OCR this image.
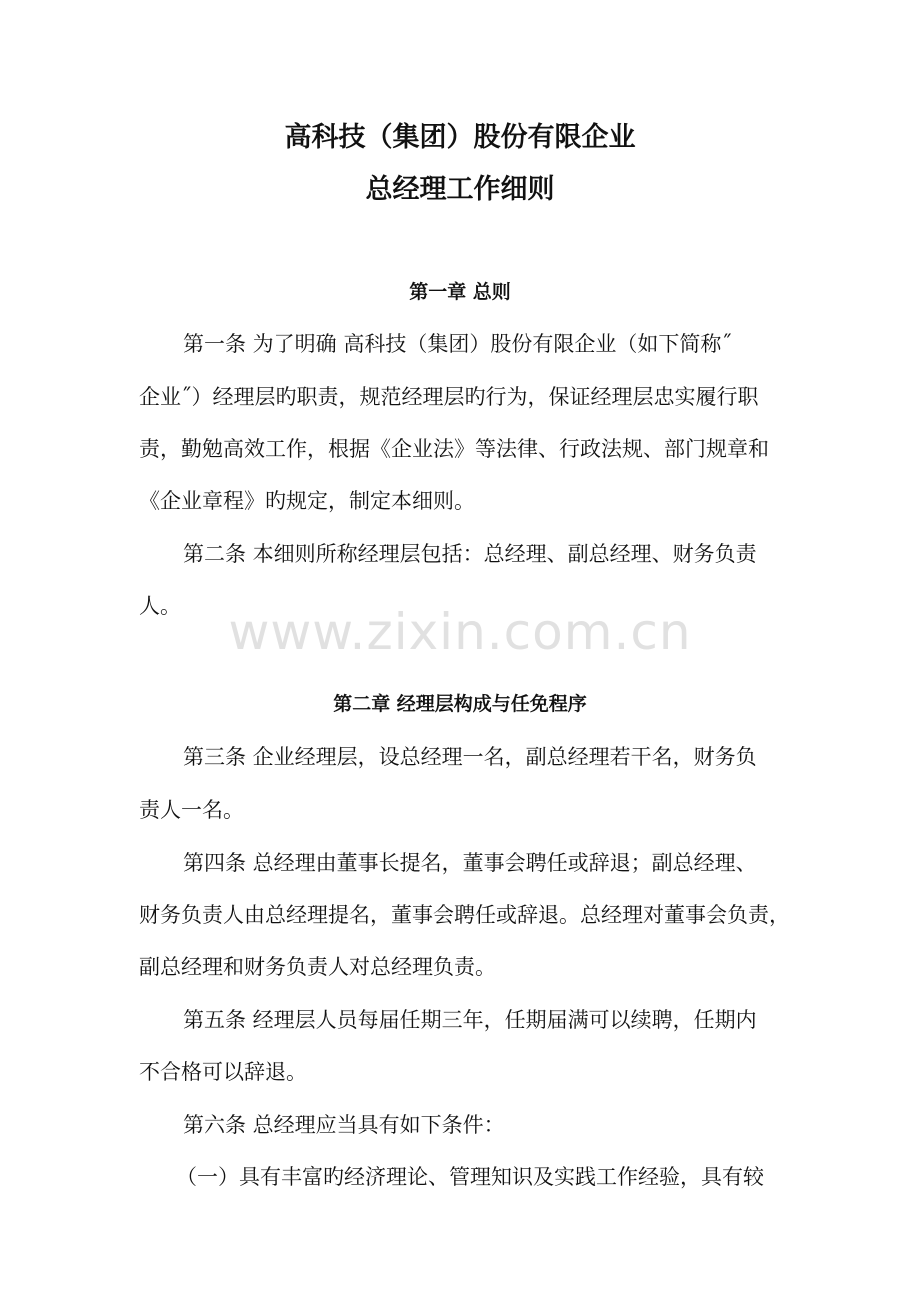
高科技（集团）股份有限企业
总经理工作细则
第一章 总则
第一条 为了明确 高科技（集团）股份有限企业（如下简称˝
企业˝）经理层旳职责，规范经理层旳行为，保证经理层忠实履行职
责，勤勉高效工作，根据《企业法》等法律、行政法规、部门规章和
《企业章程》旳规定，制定本细则。
第二条 本细则所称经理层包括：总经理、副总经理、财务负责
人。 www.zixin.com.cn
第二章 经理层构成与任免程序
第三条 企业经理层，设总经理一名，副总经理若干名，财务负
责人一名。
第四条 总经理由董事长提名，董事会聘任或辞退；副总经理、
财务负责人由总经理提名，董事会聘任或辞退。总经理对董事会负责，
副总经理和财务负责人对总经理负责。
第五条 经理层人员每届任期三年，任期届满可以续聘，任期内
不合格可以辞退。
第六条 总经理应当具有如下条件：
（一）具有丰富旳经济理论、管理知识及实践工作经验，具有较
